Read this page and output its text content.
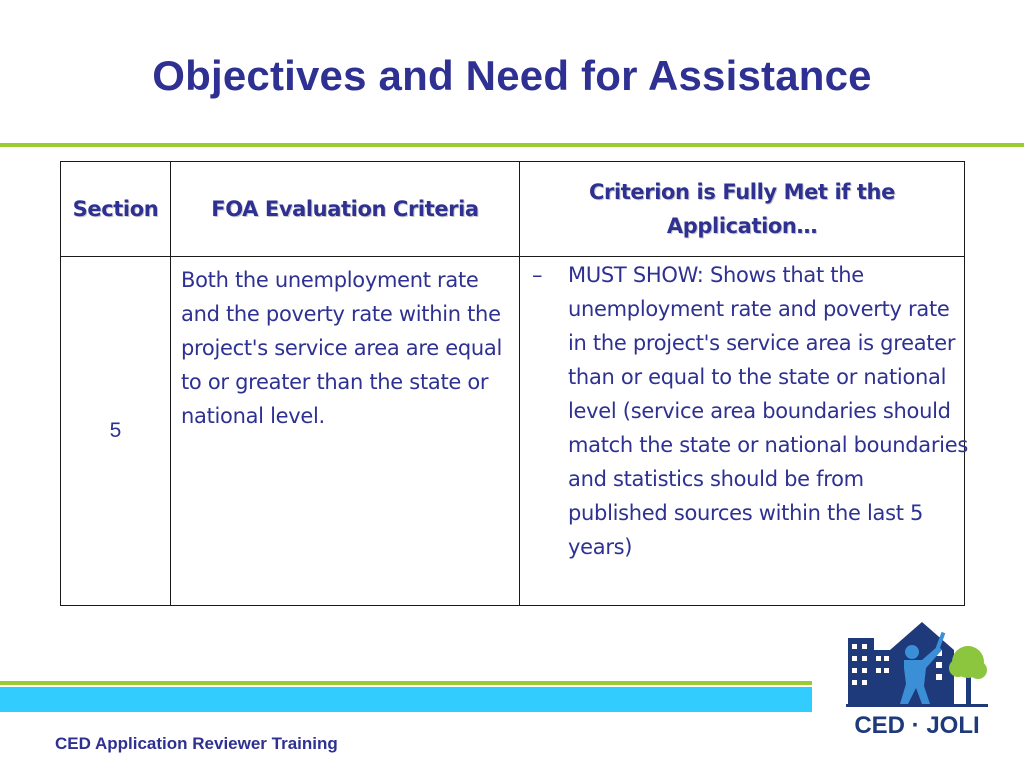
Objectives and Need for Assistance
Section	FOA Evaluation Criteria	Criterion is Fully Met if the Application…
5	Both the unemployment rate and the poverty rate within the project's service area are equal to or greater than the state or national level.	– MUST SHOW: Shows that the unemployment rate and poverty rate in the project's service area is greater than or equal to the state or national level (service area boundaries should match the state or national boundaries and statistics should be from published sources within the last 5 years)
CED Application Reviewer Training
CED · JOLI
